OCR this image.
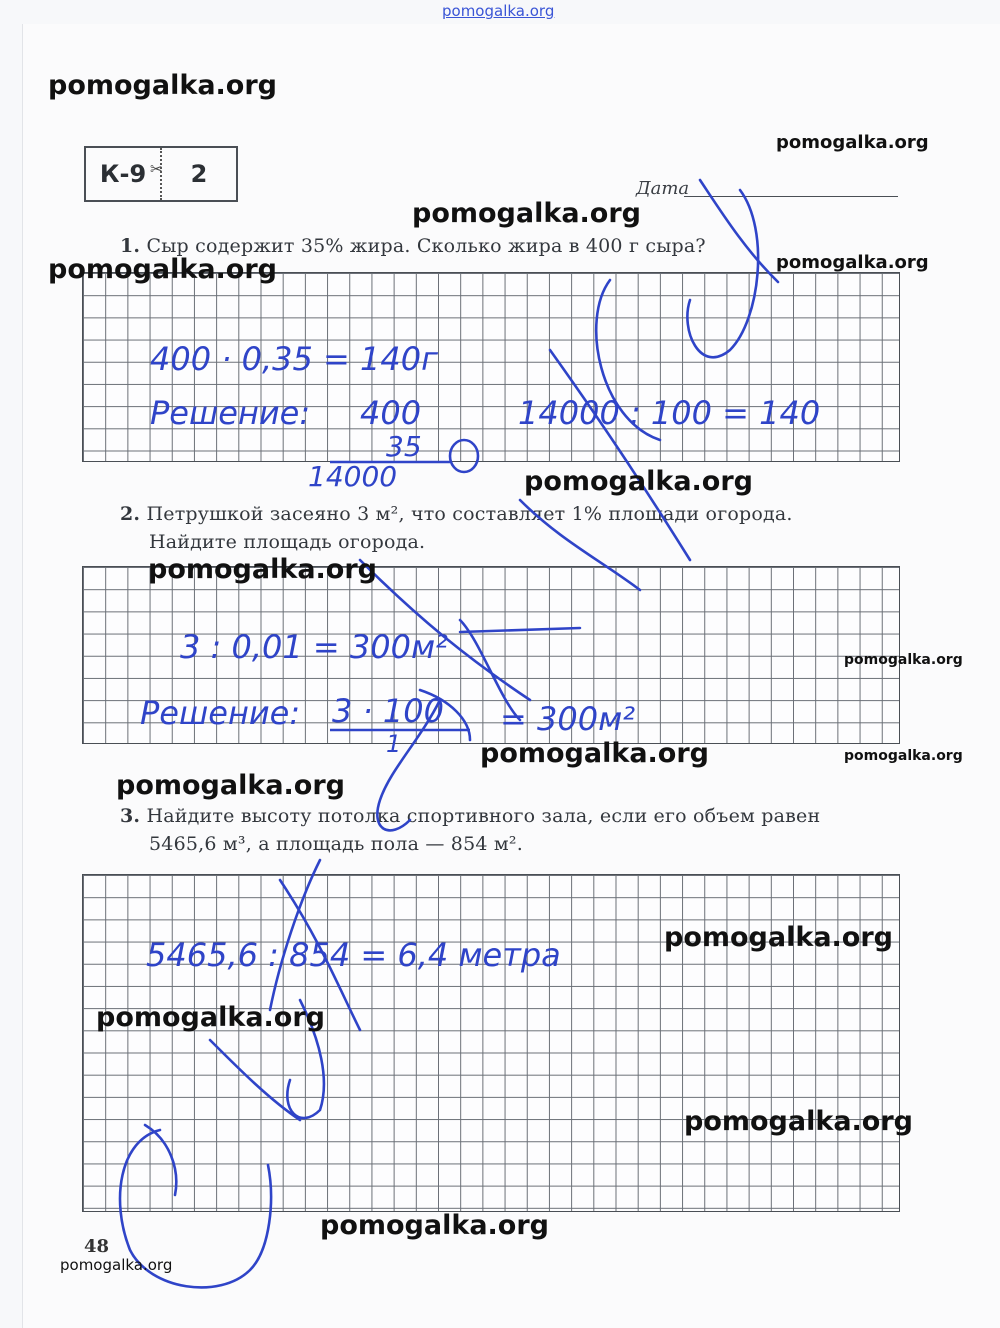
pomogalka.org
К-9	2
✂
Дата
1. Сыр содержит 35% жира. Сколько жира в 400 г сыра?
2. Петрушкой засеяно 3 м², что составляет 1% площади огорода.
Найдите площадь огорода.
3. Найдите высоту потолка спортивного зала, если его объем равен
5465,6 м³, а площадь пола — 854 м².
48
400 · 0,35 = 140г
Решение: 400
35
14000
14000 : 100 = 140
3 : 0,01 = 300м²
Решение: 3 · 100
1
= 300м²
5465,6 : 854 = 6,4 метра
pomogalka.org
pomogalka.org
pomogalka.org
pomogalka.org	pomogalka.org
pomogalka.org
pomogalka.org
pomogalka.org
pomogalka.org	pomogalka.org
pomogalka.org
pomogalka.org
pomogalka.org
pomogalka.org
pomogalka.org
pomogalka.org
